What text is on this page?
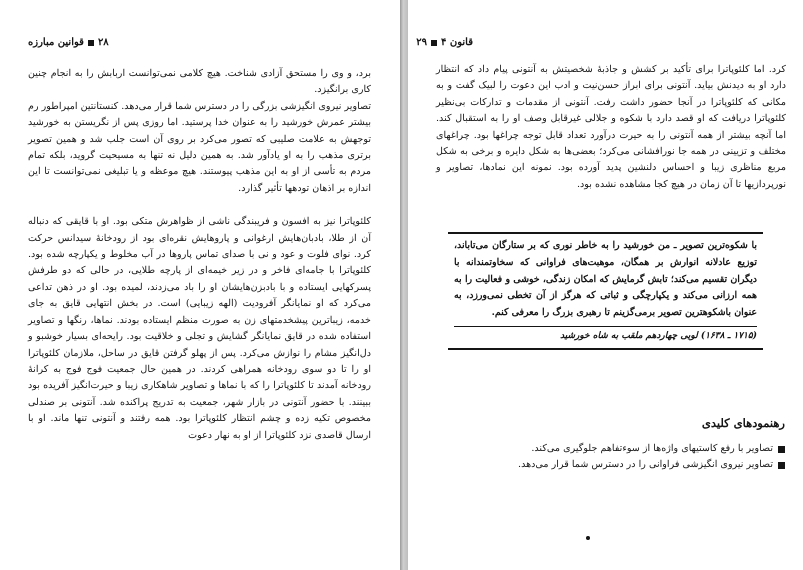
۲۸
قوانین مبارزه

برد، و وی را مستحق آزادی شناخت. هیچ کلامی نمی‌توانست اربابش را به انجام چنین کاری برانگیزد.

تصاویر نیروی انگیزشی بزرگی را در دسترس شما قرار می‌دهد. کنستانتین امپراطور رم بیشتر عمرش خورشید را به عنوان خدا پرستید. اما روزی پس از نگریستن به خورشید توجهش به علامت صلیبی که تصور می‌کرد بر روی آن است جلب شد و همین تصویر برتری مذهب را به او یادآور شد. به همین دلیل نه تنها به مسیحیت گروید، بلکه تمام مردم به تأسی از او به این مذهب پیوستند. هیچ موعظه و یا تبلیغی نمی‌توانست تا این اندازه بر اذهان تودهها تأثیر گذارد.

کلئوپاترا نیز به افسون و فریبندگی ناشی از ظواهرش متکی بود. او با قایقی که دنباله آن از طلا، بادبان‌هایش ارغوانی و پاروهایش نقره‌ای بود از رودخانهٔ سیدانس حرکت کرد. نوای فلوت و عود و نی با صدای تماس پاروها در آب مخلوط و یکپارچه شده بود. کلئوپاترا با جامه‌ای فاخر و در زیر خیمه‌ای از پارچه طلایی، در حالی که دو طرفش پسرکهایی ایستاده و با بادبزن‌هایشان او را باد می‌زدند، لمیده بود. او در ذهن تداعی می‌کرد که او نمایانگر آفرودیت (الهه زیبایی) است. در بخش انتهایی قایق به جای خدمه، زیباترین پیشخدمتهای زن به صورت منظم ایستاده بودند. نماها، رنگها و تصاویر استفاده شده در قایق نمایانگر گشایش و تجلی و خلاقیت بود. رایحه‌ای بسیار خوشبو و دل‌انگیز مشام را نوازش می‌کرد. پس از پهلو گرفتن قایق در ساحل، ملازمان کلئوپاترا او را تا دو سوی رودخانه همراهی کردند. در همین حال جمعیت فوج فوج به کرانهٔ رودخانه آمدند تا کلئوپاترا را که با نماها و تصاویر شاهکاری زیبا و حیرت‌انگیز آفریده بود ببینند. با حضور آنتونی در بازار شهر، جمعیت به تدریج پراکنده شد. آنتونی بر صندلی مخصوص تکیه زده و چشم انتظار کلئوپاترا بود. همه رفتند و آنتونی تنها ماند. او با ارسال قاصدی نزد کلئوپاترا از او به نهار دعوت

قانون ۴
۲۹

کرد. اما کلئوپاترا برای تأکید بر کشش و جاذبهٔ شخصیتش به آنتونی پیام داد که انتظار دارد او به دیدنش بیاید. آنتونی برای ابراز حسن‌نیت و ادب این دعوت را لبیک گفت و به مکانی که کلئوپاترا در آنجا حضور داشت رفت. آنتونی از مقدمات و تدارکات بی‌نظیر کلئوپاترا دریافت که او قصد دارد با شکوه و جلالی غیرقابل وصف او را به استقبال کند. اما آنچه بیشتر از همه آنتونی را به حیرت درآورد تعداد قابل توجه چراغها بود. چراغهای مختلف و تزیینی در همه جا نورافشانی می‌کرد؛ بعضی‌ها به شکل دایره و برخی به شکل مربع مناظری زیبا و احساس دلنشین پدید آورده بود. نمونه این نمادها، تصاویر و نورپردازیها تا آن زمان در هیچ کجا مشاهده نشده بود.

با شکوه‌ترین تصویر ـ من خورشید را به خاطر نوری که بر ستارگان می‌تاباند، توزیع عادلانه انوارش بر همگان، موهبت‌های فراوانی که سخاوتمندانه با دیگران تقسیم می‌کند؛ تابش گرمایش که امکان زندگی، خوشی و فعالیت را به همه ارزانی می‌کند و یکپارچگی و ثباتی که هرگز از آن تخطی نمی‌ورزد، به عنوان باشکوهترین تصویر برمی‌گزینم تا رهبری بزرگ را معرفی کنم.
(۱۷۱۵ ـ ۱۶۳۸) لویی چهاردهم ملقب به شاه خورشید
رهنمودهای کلیدی
تصاویر با رفع کاستیهای واژه‌ها از سوءتفاهم جلوگیری می‌کند.
تصاویر نیروی انگیزشی فراوانی را در دسترس شما قرار می‌دهد.
